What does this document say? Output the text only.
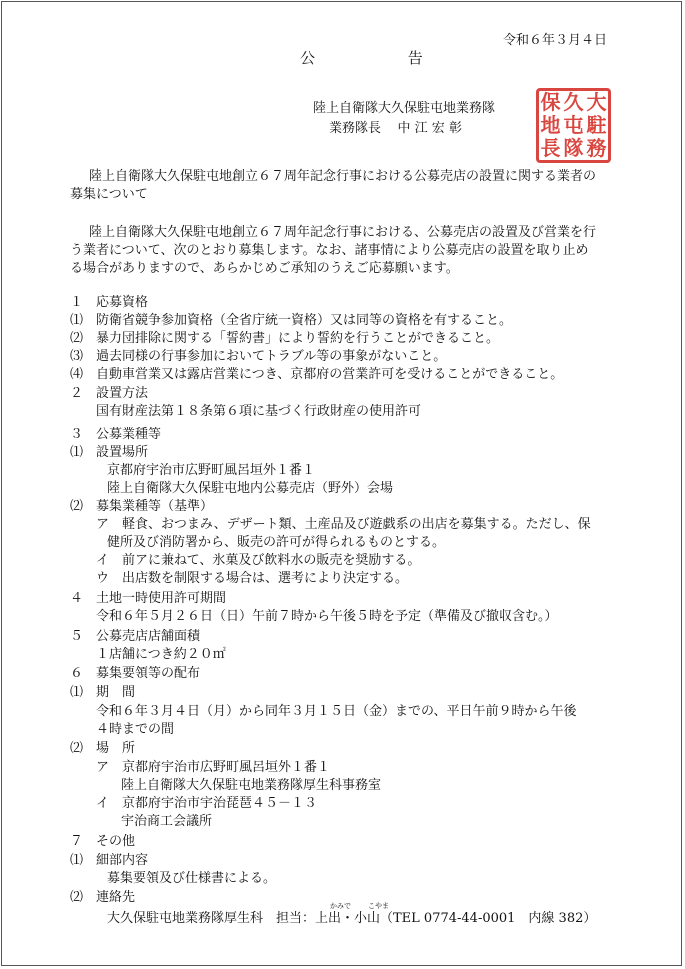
令和６年３月４日
公 告
陸上自衛隊大久保駐屯地業務隊
業務隊長 中 江 宏 彰
保 久 大
地 屯 駐
長 隊 務
陸上自衛隊大久保駐屯地創立６７周年記念行事における公募売店の設置に関する業者の
募集について
陸上自衛隊大久保駐屯地創立６７周年記念行事における、公募売店の設置及び営業を行
う業者について、次のとおり募集します。なお、諸事情により公募売店の設置を取り止め
る場合がありますので、あらかじめご承知のうえご応募願います。
１　応募資格
⑴　防衛省競争参加資格（全省庁統一資格）又は同等の資格を有すること。
⑵　暴力団排除に関する「誓約書」により誓約を行うことができること。
⑶　過去同様の行事参加においてトラブル等の事象がないこと。
⑷　自動車営業又は露店営業につき、京都府の営業許可を受けることができること。
２　設置方法
国有財産法第１８条第６項に基づく行政財産の使用許可
３　公募業種等
⑴　設置場所
京都府宇治市広野町風呂垣外１番１
陸上自衛隊大久保駐屯地内公募売店（野外）会場
⑵　募集業種等（基準）
ア　軽食、おつまみ、デザート類、土産品及び遊戯系の出店を募集する。ただし、保
健所及び消防署から、販売の許可が得られるものとする。
イ　前アに兼ねて、氷菓及び飲料水の販売を奨励する。
ウ　出店数を制限する場合は、選考により決定する。
４　土地一時使用許可期間
令和６年５月２６日（日）午前７時から午後５時を予定（準備及び撤収含む。）
５　公募売店店舗面積
１店舗につき約２０㎡
６　募集要領等の配布
⑴　期　間
令和６年３月４日（月）から同年３月１５日（金）までの、平日午前９時から午後
４時までの間
⑵　場　所
ア　京都府宇治市広野町風呂垣外１番１
陸上自衛隊大久保駐屯地業務隊厚生科事務室
イ　京都府宇治市宇治琵琶４５－１３
宇治商工会議所
７　その他
⑴　細部内容
募集要領及び仕様書による。
⑵　連絡先
かみで こやま
大久保駐屯地業務隊厚生科　担当：上出・小山（TEL 0774-44-0001　内線 382）
